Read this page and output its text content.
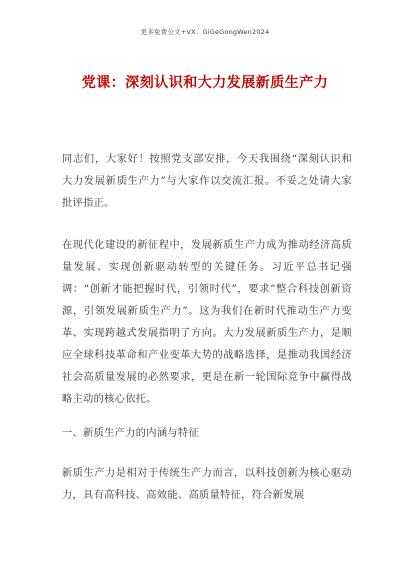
更多免费公文+VX：GiGeGongWen2024
党课：深刻认识和大力发展新质生产力
同志们，大家好！按照党支部安排，今天我围绕“深刻认识和大力发展新质生产力”与大家作以交流汇报。不妥之处请大家批评指正。
在现代化建设的新征程中，发展新质生产力成为推动经济高质量发展、实现创新驱动转型的关键任务。习近平总书记强调：“创新才能把握时代，引领时代”，要求“整合科技创新资源，引领发展新质生产力”。这为我们在新时代推动生产力变革、实现跨越式发展指明了方向。大力发展新质生产力，是顺应全球科技革命和产业变革大势的战略选择，是推动我国经济社会高质量发展的必然要求，更是在新一轮国际竞争中赢得战略主动的核心依托。
一、新质生产力的内涵与特征
新质生产力是相对于传统生产力而言，以科技创新为核心驱动力，具有高科技、高效能、高质量特征，符合新发展
